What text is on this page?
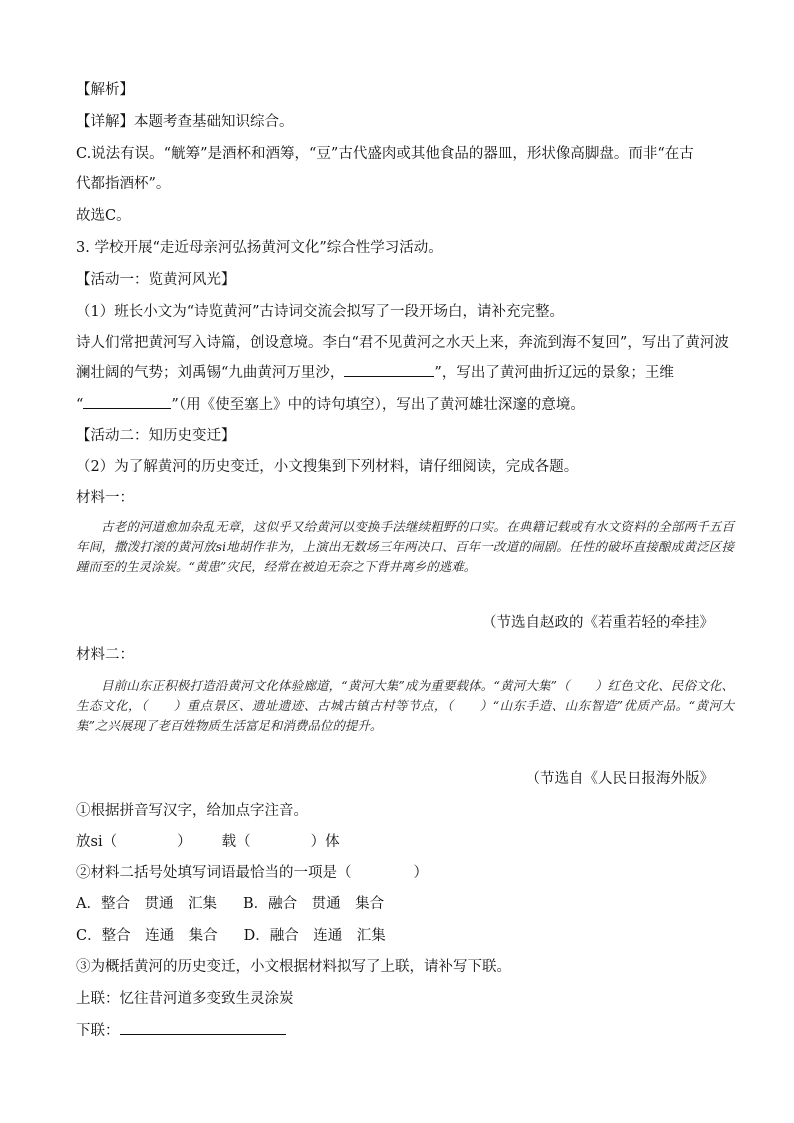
【解析】
【详解】本题考查基础知识综合。
C.说法有误。“觥筹”是酒杯和酒筹，“豆”古代盛肉或其他食品的器皿，形状像高脚盘。而非“在古
代都指酒杯”。
故选C。
3. 学校开展“走近母亲河弘扬黄河文化”综合性学习活动。
【活动一：览黄河风光】
（1）班长小文为“诗览黄河”古诗词交流会拟写了一段开场白，请补充完整。
诗人们常把黄河写入诗篇，创设意境。李白“君不见黄河之水天上来，奔流到海不复回”，写出了黄河波
澜壮阔的气势；刘禹锡“九曲黄河万里沙，	”，写出了黄河曲折辽远的景象；王维
“	”（用《使至塞上》中的诗句填空），写出了黄河雄壮深邃的意境。
【活动二：知历史变迁】
（2）为了解黄河的历史变迁，小文搜集到下列材料，请仔细阅读，完成各题。
材料一：
古老的河道愈加杂乱无章，这似乎又给黄河以变换手法继续粗野的口实。在典籍记载或有水文资料的全部两千五百年间，撒泼打滚的黄河放si地胡作非为，上演出无数场三年两决口、百年一改道的闹剧。任性的破坏直接酿成黄泛区接踵而至的生灵涂炭。“黄患”灾民，经常在被迫无奈之下背井离乡的逃难。
（节选自赵政的《若重若轻的牵挂》
材料二：
目前山东正积极打造沿黄河文化体验廊道，“黄河大集”成为重要载体。“黄河大集”（　　）红色文化、民俗文化、生态文化，（　　）重点景区、遗址遗迹、古城古镇古村等节点，（　　）“山东手造、山东智造”优质产品。“黄河大集”之兴展现了老百姓物质生活富足和消费品位的提升。
（节选自《人民日报海外版》
①根据拼音写汉字，给加点字注音。
放si（	） 载（	）体
②材料二括号处填写词语最恰当的一项是（	）
A．整合　贯通　汇集 B．融合　贯通　集合
C．整合　连通　集合 D．融合　连通　汇集
③为概括黄河的历史变迁，小文根据材料拟写了上联，请补写下联。
上联：忆往昔河道多变致生灵涂炭
下联：
